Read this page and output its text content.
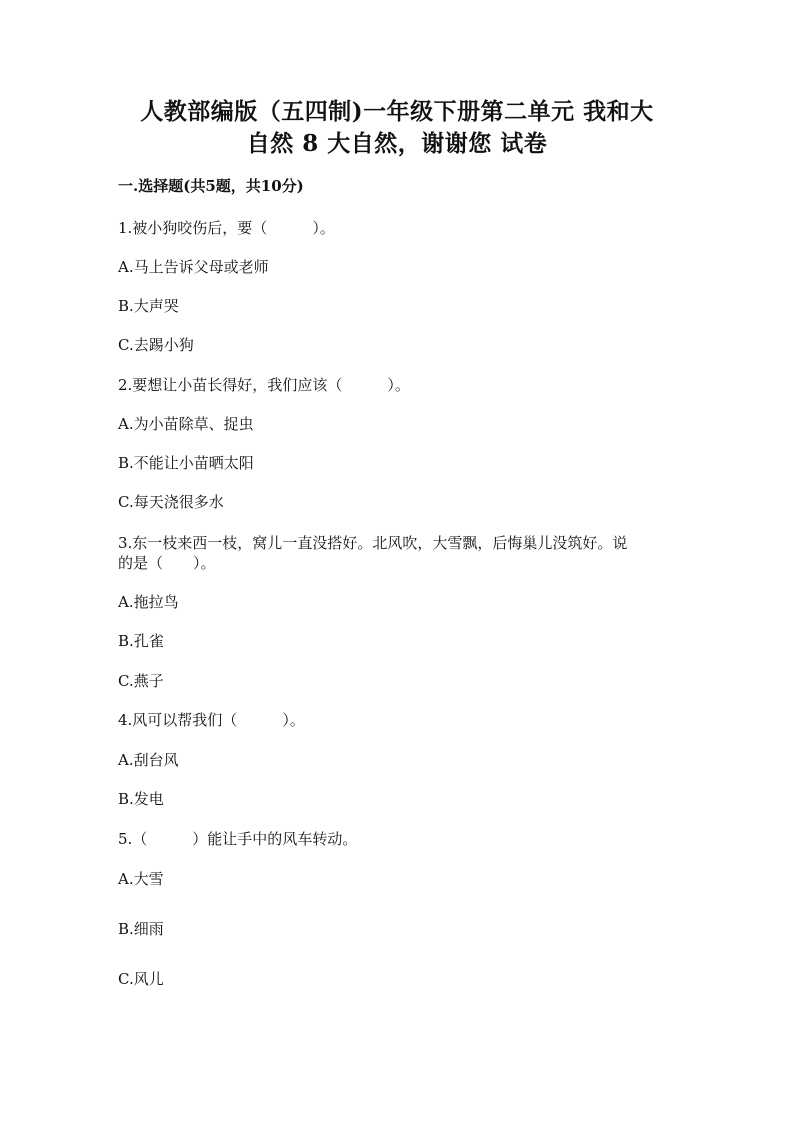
人教部编版（五四制)一年级下册第二单元 我和大
自然 8 大自然，谢谢您 试卷
一.选择题(共5题，共10分)
1.被小狗咬伤后，要（　　　）。
A.马上告诉父母或老师
B.大声哭
C.去踢小狗
2.要想让小苗长得好，我们应该（　　　）。
A.为小苗除草、捉虫
B.不能让小苗晒太阳
C.每天浇很多水
3.东一枝来西一枝，窝儿一直没搭好。北风吹，大雪飘，后悔巢儿没筑好。说
的是（　　）。
A.拖拉鸟
B.孔雀
C.燕子
4.风可以帮我们（　　　）。
A.刮台风
B.发电
5.（　　　）能让手中的风车转动。
A.大雪
B.细雨
C.风儿
